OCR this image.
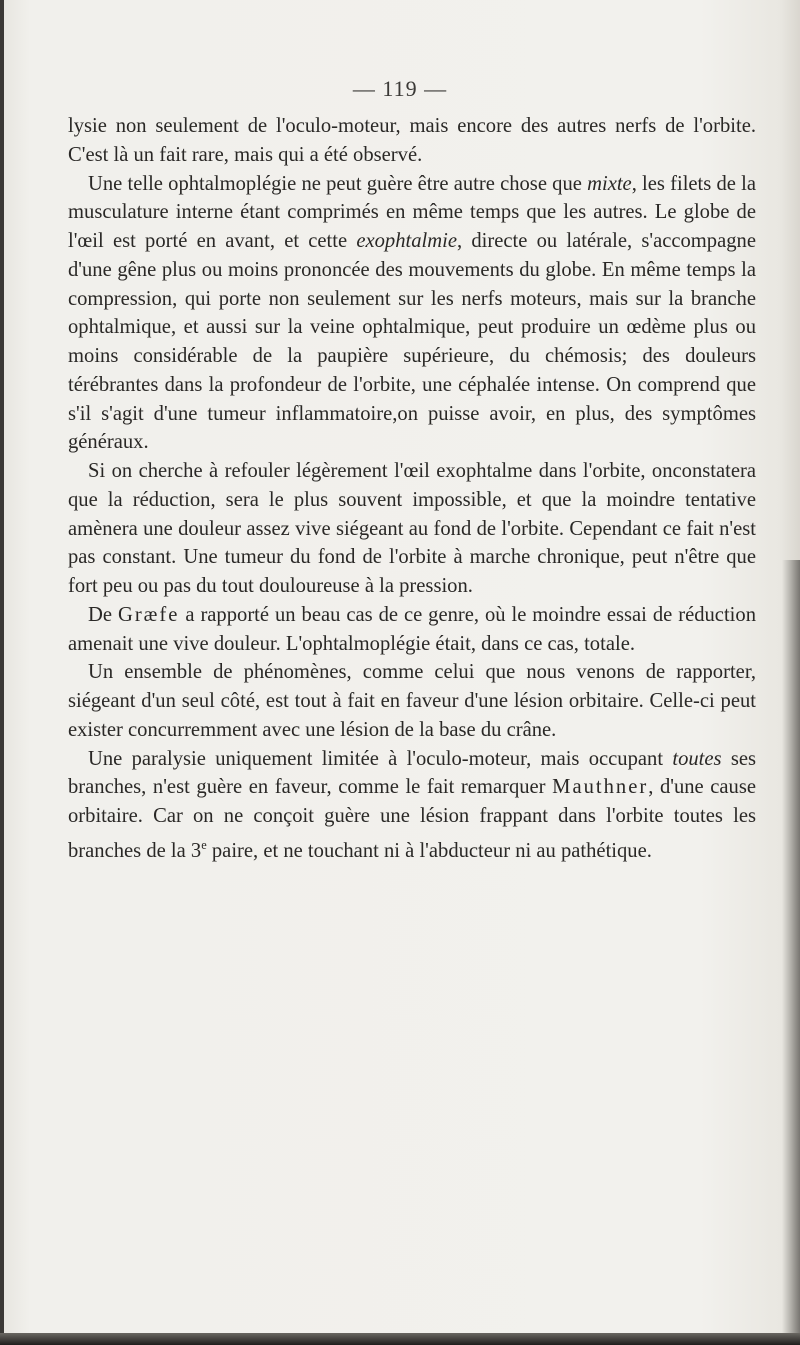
— 119 —

lysie non seulement de l'oculo-moteur, mais encore des autres nerfs de l'orbite. C'est là un fait rare, mais qui a été observé.

Une telle ophtalmoplégie ne peut guère être autre chose que mixte, les filets de la musculature interne étant comprimés en même temps que les autres. Le globe de l'œil est porté en avant, et cette exophtalmie, directe ou latérale, s'accompagne d'une gêne plus ou moins prononcée des mouvements du globe. En même temps la compression, qui porte non seulement sur les nerfs moteurs, mais sur la branche ophtalmique, et aussi sur la veine ophtalmique, peut produire un œdème plus ou moins considérable de la paupière supérieure, du chémosis; des douleurs térébrantes dans la profondeur de l'orbite, une céphalée intense. On comprend que s'il s'agit d'une tumeur inflammatoire,on puisse avoir, en plus, des symptômes généraux.

Si on cherche à refouler légèrement l'œil exophtalme dans l'orbite, onconstatera que la réduction, sera le plus souvent impossible, et que la moindre tentative amènera une douleur assez vive siégeant au fond de l'orbite. Cependant ce fait n'est pas constant. Une tumeur du fond de l'orbite à marche chronique, peut n'être que fort peu ou pas du tout douloureuse à la pression.

De Græfe a rapporté un beau cas de ce genre, où le moindre essai de réduction amenait une vive douleur. L'ophtalmoplégie était, dans ce cas, totale.

Un ensemble de phénomènes, comme celui que nous venons de rapporter, siégeant d'un seul côté, est tout à fait en faveur d'une lésion orbitaire. Celle-ci peut exister concurremment avec une lésion de la base du crâne.

Une paralysie uniquement limitée à l'oculo-moteur, mais occupant toutes ses branches, n'est guère en faveur, comme le fait remarquer Mauthner, d'une cause orbitaire. Car on ne conçoit guère une lésion frappant dans l'orbite toutes les branches de la 3e paire, et ne touchant ni à l'abducteur ni au pathétique.
